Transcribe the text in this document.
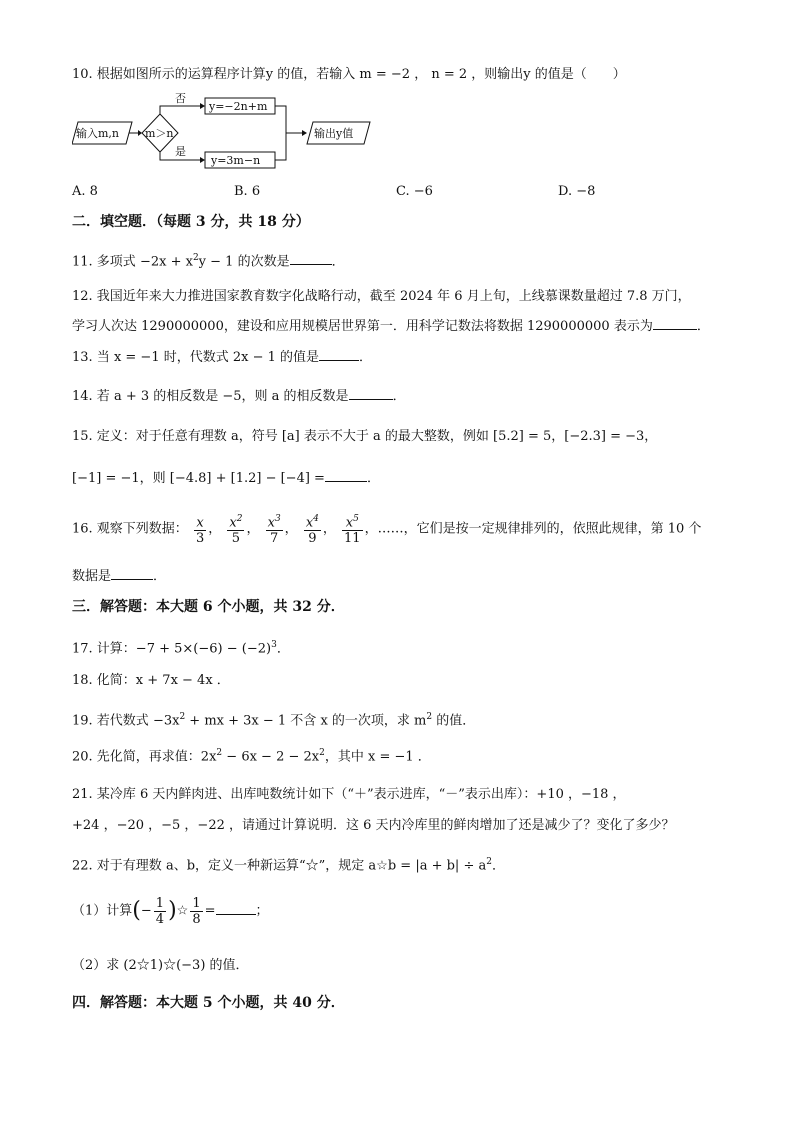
10. 根据如图所示的运算程序计算y 的值，若输入 m = −2 ， n = 2 ，则输出y 的值是（　　）
输入m,n m＞n
否
是
y=−2n+m
y=3m−n
输出y值
A. 8	B. 6	C. −6	D. −8
二．填空题．（每题 3 分，共 18 分）
11. 多项式 $-2x + x^2y - 1$ 的次数是	．
12. 我国近年来大力推进国家教育数字化战略行动，截至 2024 年 6 月上旬，上线慕课数量超过 7.8 万门，
学习人次达 1290000000，建设和应用规模居世界第一．用科学记数法将数据 1290000000 表示为	．
13. 当 x = −1 时，代数式 2x − 1 的值是	．
14. 若 a + 3 的相反数是 −5，则 a 的相反数是	．
15. 定义：对于任意有理数 a，符号 [a] 表示不大于 a 的最大整数，例如 [5.2] = 5，[−2.3] = −3，
[−1] = −1，则 [−4.8] + [1.2] − [−4] =	．
16. 观察下列数据： $\frac{x}{3}$ ， $\frac{x^2}{5}$ ， $\frac{x^3}{7}$ ， $\frac{x^4}{9}$ ， $\frac{x^5}{11}$ ，……，它们是按一定规律排列的，依照此规律，第 10 个
数据是	．
三．解答题：本大题 6 个小题，共 32 分．
17. 计算：$-7 + 5\times(-6) - (-2)^3$．
18. 化简：x + 7x − 4x ．
19. 若代数式 $-3x^2$ + mx + 3x − 1 不含 x 的一次项，求 $m^2$ 的值．
20. 先化简，再求值：$2x^2 - 6x - 2 - 2x^2$，其中 x = −1 ．
21. 某冷库 6 天内鲜肉进、出库吨数统计如下（“＋”表示进库，“－”表示出库）：+10 ，−18 ，
+24 ，−20 ，−5 ，−22 ，请通过计算说明．这 6 天内冷库里的鲜肉增加了还是减少了？变化了多少？
22. 对于有理数 a、b，定义一种新运算“☆”，规定 a☆b = $|a + b| \div a^2$．
（1）计算(− $\frac{1}{4}$ )☆ $\frac{1}{8}$ =	；
（2）求 (2☆1)☆(−3) 的值．
四．解答题：本大题 5 个小题，共 40 分．
